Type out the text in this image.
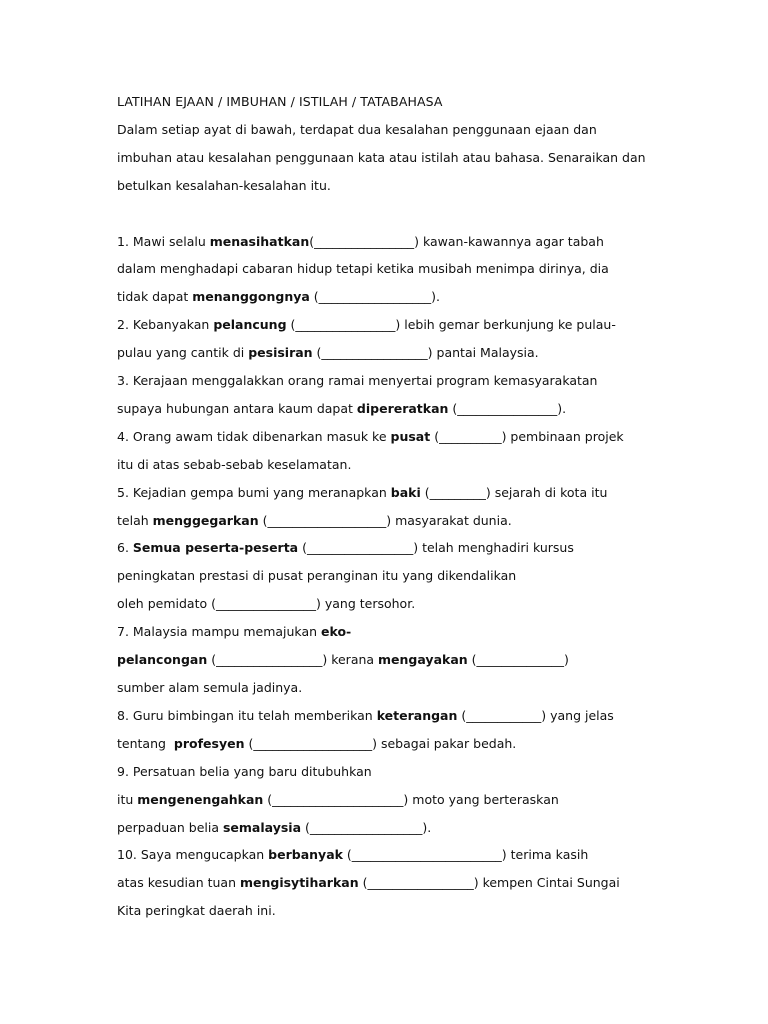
LATIHAN EJAAN / IMBUHAN / ISTILAH / TATABAHASA
Dalam setiap ayat di bawah, terdapat dua kesalahan penggunaan ejaan dan
imbuhan atau kesalahan penggunaan kata atau istilah atau bahasa. Senaraikan dan
betulkan kesalahan-kesalahan itu.
1. Mawi selalu menasihatkan(________________) kawan-kawannya agar tabah
dalam menghadapi cabaran hidup tetapi ketika musibah menimpa dirinya, dia
tidak dapat menanggongnya (__________________).
2. Kebanyakan pelancung (________________) lebih gemar berkunjung ke pulau-
pulau yang cantik di pesisiran (_________________) pantai Malaysia.
3. Kerajaan menggalakkan orang ramai menyertai program kemasyarakatan
supaya hubungan antara kaum dapat dipereratkan (________________).
4. Orang awam tidak dibenarkan masuk ke pusat (__________) pembinaan projek
itu di atas sebab-sebab keselamatan.
5. Kejadian gempa bumi yang meranapkan baki (_________) sejarah di kota itu
telah menggegarkan (___________________) masyarakat dunia.
6. Semua peserta-peserta (_________________) telah menghadiri kursus
peningkatan prestasi di pusat peranginan itu yang dikendalikan
oleh pemidato (________________) yang tersohor.
7. Malaysia mampu memajukan eko-
pelancongan (_________________) kerana mengayakan (______________)
sumber alam semula jadinya.
8. Guru bimbingan itu telah memberikan keterangan (____________) yang jelas
tentang  profesyen (___________________) sebagai pakar bedah.
9. Persatuan belia yang baru ditubuhkan
itu mengenengahkan (_____________________) moto yang berteraskan
perpaduan belia semalaysia (__________________).
10. Saya mengucapkan berbanyak (________________________) terima kasih
atas kesudian tuan mengisytiharkan (_________________) kempen Cintai Sungai
Kita peringkat daerah ini.
